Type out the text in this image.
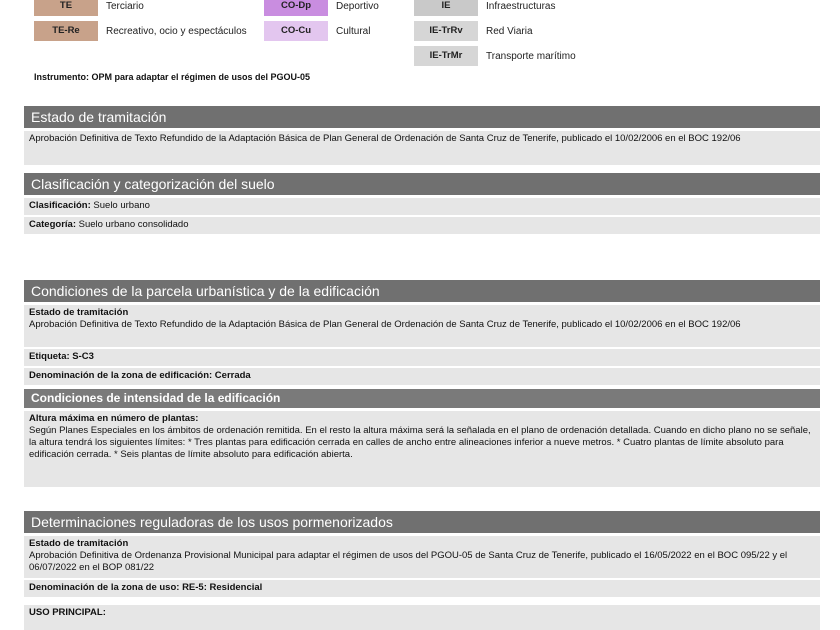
TE	Terciario
TE-Re	Recreativo, ocio y espectáculos
CO-Dp	Deportivo
CO-Cu	Cultural
IE	Infraestructuras
IE-TrRv	Red Viaria
IE-TrMr	Transporte marítimo
Instrumento: OPM para adaptar el régimen de usos del PGOU-05
Estado de tramitación
Aprobación Definitiva de Texto Refundido de la Adaptación Básica de Plan General de Ordenación de Santa Cruz de Tenerife, publicado el 10/02/2006 en el BOC 192/06
Clasificación y categorización del suelo
Clasificación: Suelo urbano
Categoría: Suelo urbano consolidado
Condiciones de la parcela urbanística y de la edificación
Estado de tramitación
Aprobación Definitiva de Texto Refundido de la Adaptación Básica de Plan General de Ordenación de Santa Cruz de Tenerife, publicado el 10/02/2006 en el BOC 192/06
Etiqueta: S-C3
Denominación de la zona de edificación: Cerrada
Condiciones de intensidad de la edificación
Altura máxima en número de plantas:
Según Planes Especiales en los ámbitos de ordenación remitida. En el resto la altura máxima será la señalada en el plano de ordenación detallada. Cuando en dicho plano no se señale, la altura tendrá los siguientes límites: * Tres plantas para edificación cerrada en calles de ancho entre alineaciones inferior a nueve metros. * Cuatro plantas de límite absoluto para edificación cerrada. * Seis plantas de límite absoluto para edificación abierta.
Determinaciones reguladoras de los usos pormenorizados
Estado de tramitación
Aprobación Definitiva de Ordenanza Provisional Municipal para adaptar el régimen de usos del PGOU-05 de Santa Cruz de Tenerife, publicado el 16/05/2022 en el BOC 095/22 y el 06/07/2022 en el BOP 081/22
Denominación de la zona de uso: RE-5: Residencial
USO PRINCIPAL:
